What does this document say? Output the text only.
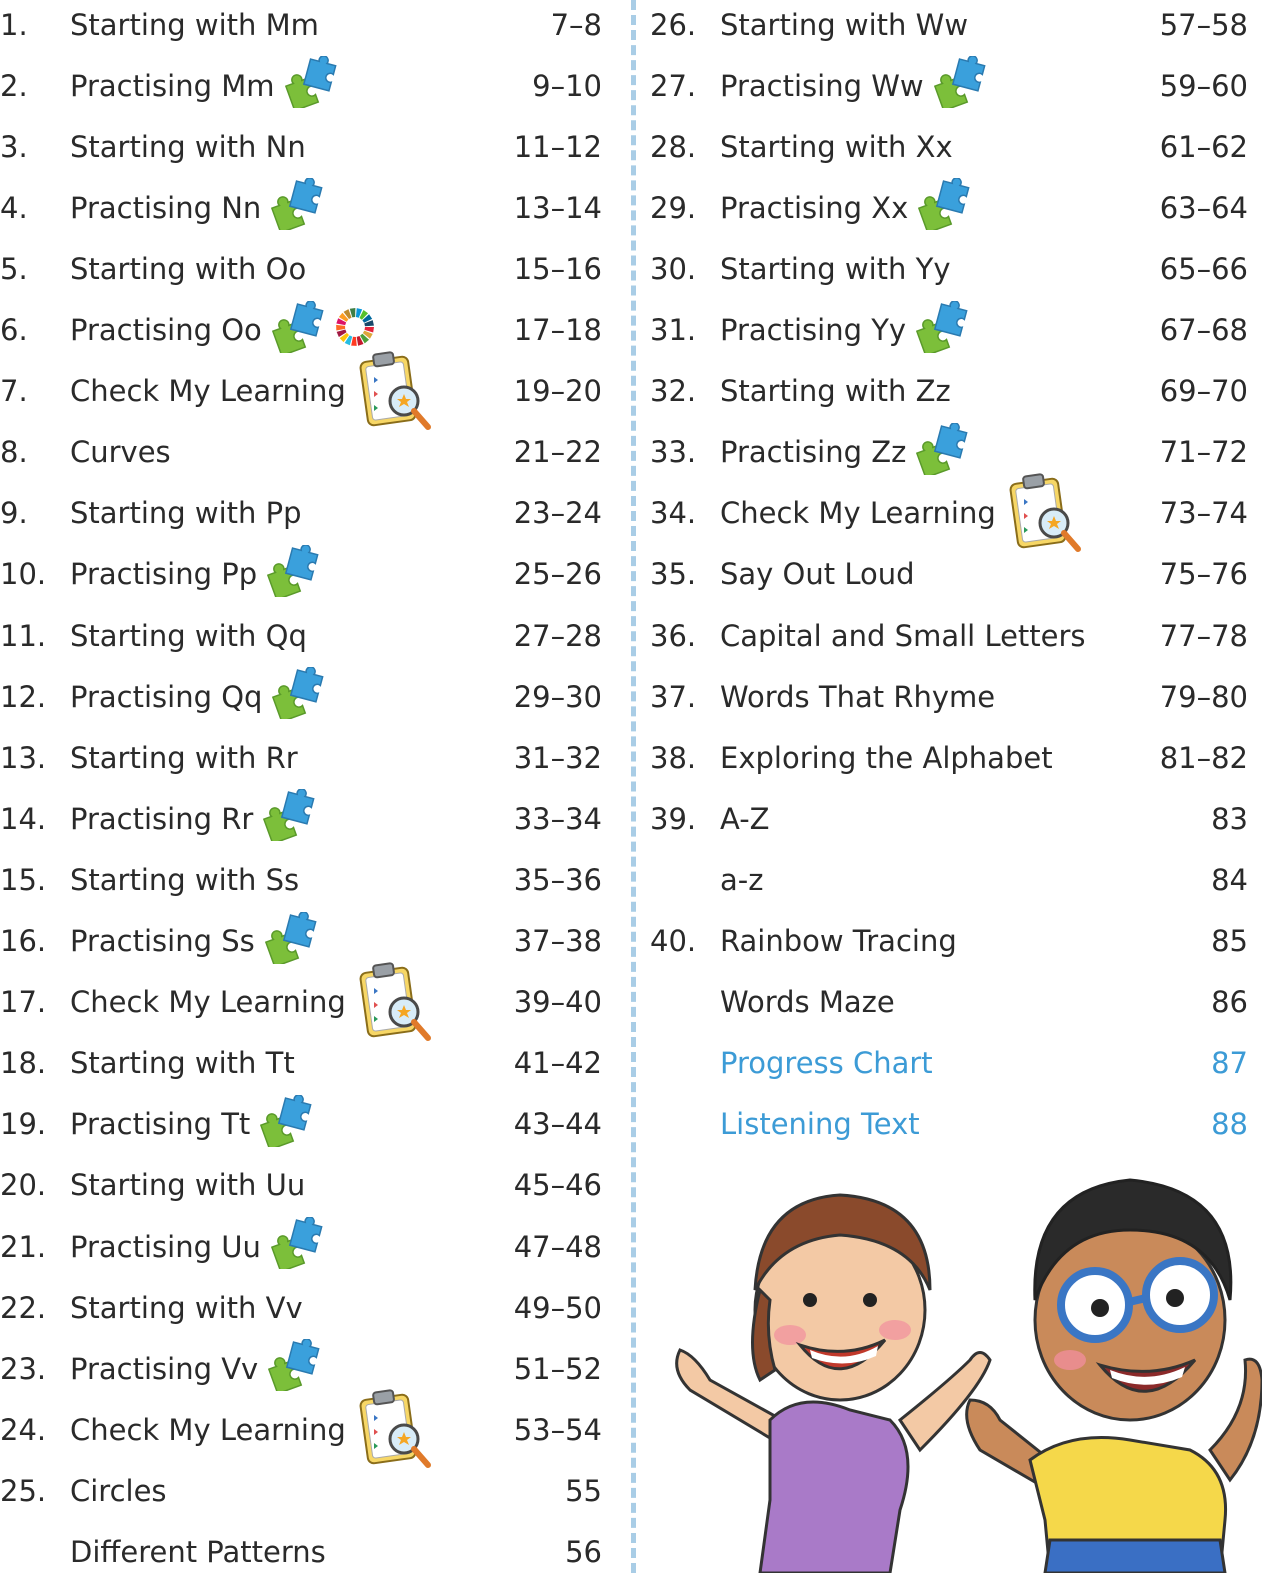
1.	Starting with Mm	7–8
2.	Practising Mm	9–10
3.	Starting with Nn	11–12
4.	Practising Nn	13–14
5.	Starting with Oo	15–16
6.	Practising Oo	17–18
7.	Check My Learning	19–20
8.	Curves	21–22
9.	Starting with Pp	23–24
10. Practising Pp	25–26
11. Starting with Qq	27–28
12. Practising Qq	29–30
13. Starting with Rr	31–32
14. Practising Rr	33–34
15. Starting with Ss	35–36
16. Practising Ss	37–38
17. Check My Learning	39–40
18. Starting with Tt	41–42
19. Practising Tt	43–44
20. Starting with Uu	45–46
21. Practising Uu	47–48
22. Starting with Vv	49–50
23. Practising Vv	51–52
24. Check My Learning	53–54
25. Circles	55
Different Patterns	56
26. Starting with Ww	57–58
27. Practising Ww	59–60
28. Starting with Xx	61–62
29. Practising Xx	63–64
30. Starting with Yy	65–66
31. Practising Yy	67–68
32. Starting with Zz	69–70
33. Practising Zz	71–72
34. Check My Learning	73–74
35. Say Out Loud	75–76
36. Capital and Small Letters	77–78
37. Words That Rhyme	79–80
38. Exploring the Alphabet	81–82
39. A-Z	83
a-z	84
40. Rainbow Tracing	85
Words Maze	86
Progress Chart	87
Listening Text	88
